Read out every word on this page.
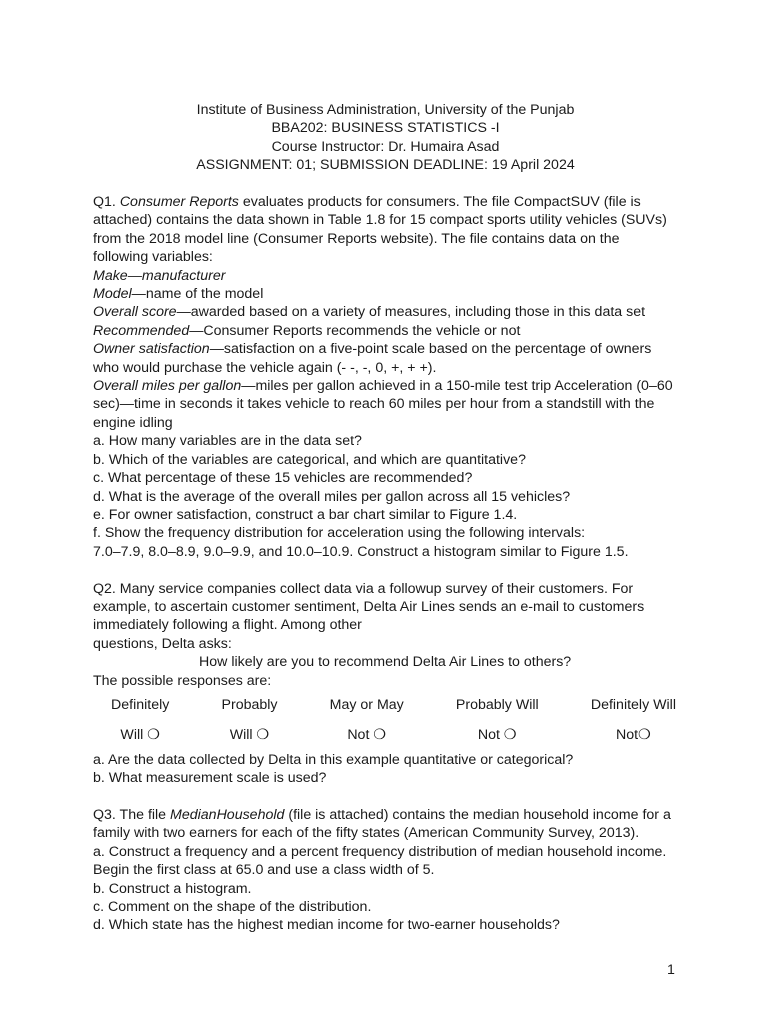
Institute of Business Administration, University of the Punjab
BBA202: BUSINESS STATISTICS -I
Course Instructor: Dr. Humaira Asad
ASSIGNMENT: 01; SUBMISSION DEADLINE: 19 April 2024

Q1. Consumer Reports evaluates products for consumers. The file CompactSUV (file is attached) contains the data shown in Table 1.8 for 15 compact sports utility vehicles (SUVs) from the 2018 model line (Consumer Reports website). The file contains data on the following variables:

Make—manufacturer

Model—name of the model

Overall score—awarded based on a variety of measures, including those in this data set

Recommended—Consumer Reports recommends the vehicle or not

Owner satisfaction—satisfaction on a five-point scale based on the percentage of owners who would purchase the vehicle again (- -, -, 0, +, + +).

Overall miles per gallon—miles per gallon achieved in a 150-mile test trip Acceleration (0–60 sec)—time in seconds it takes vehicle to reach 60 miles per hour from a standstill with the engine idling

a. How many variables are in the data set?

b. Which of the variables are categorical, and which are quantitative?

c. What percentage of these 15 vehicles are recommended?

d. What is the average of the overall miles per gallon across all 15 vehicles?

e. For owner satisfaction, construct a bar chart similar to Figure 1.4.

f. Show the frequency distribution for acceleration using the following intervals:

7.0–7.9, 8.0–8.9, 9.0–9.9, and 10.0–10.9. Construct a histogram similar to Figure 1.5.

Q2. Many service companies collect data via a followup survey of their customers. For example, to ascertain customer sentiment, Delta Air Lines sends an e-mail to customers immediately following a flight. Among other

questions, Delta asks:

How likely are you to recommend Delta Air Lines to others?

The possible responses are:

Definitely
Will ❍
Probably
Will ❍
May or May
Not ❍
Probably Will
Not ❍
Definitely Will
Not❍

a. Are the data collected by Delta in this example quantitative or categorical?

b. What measurement scale is used?

Q3. The file MedianHousehold (file is attached) contains the median household income for a family with two earners for each of the fifty states (American Community Survey, 2013).

a. Construct a frequency and a percent frequency distribution of median household income. Begin the first class at 65.0 and use a class width of 5.

b. Construct a histogram.

c. Comment on the shape of the distribution.

d. Which state has the highest median income for two-earner households?

1
